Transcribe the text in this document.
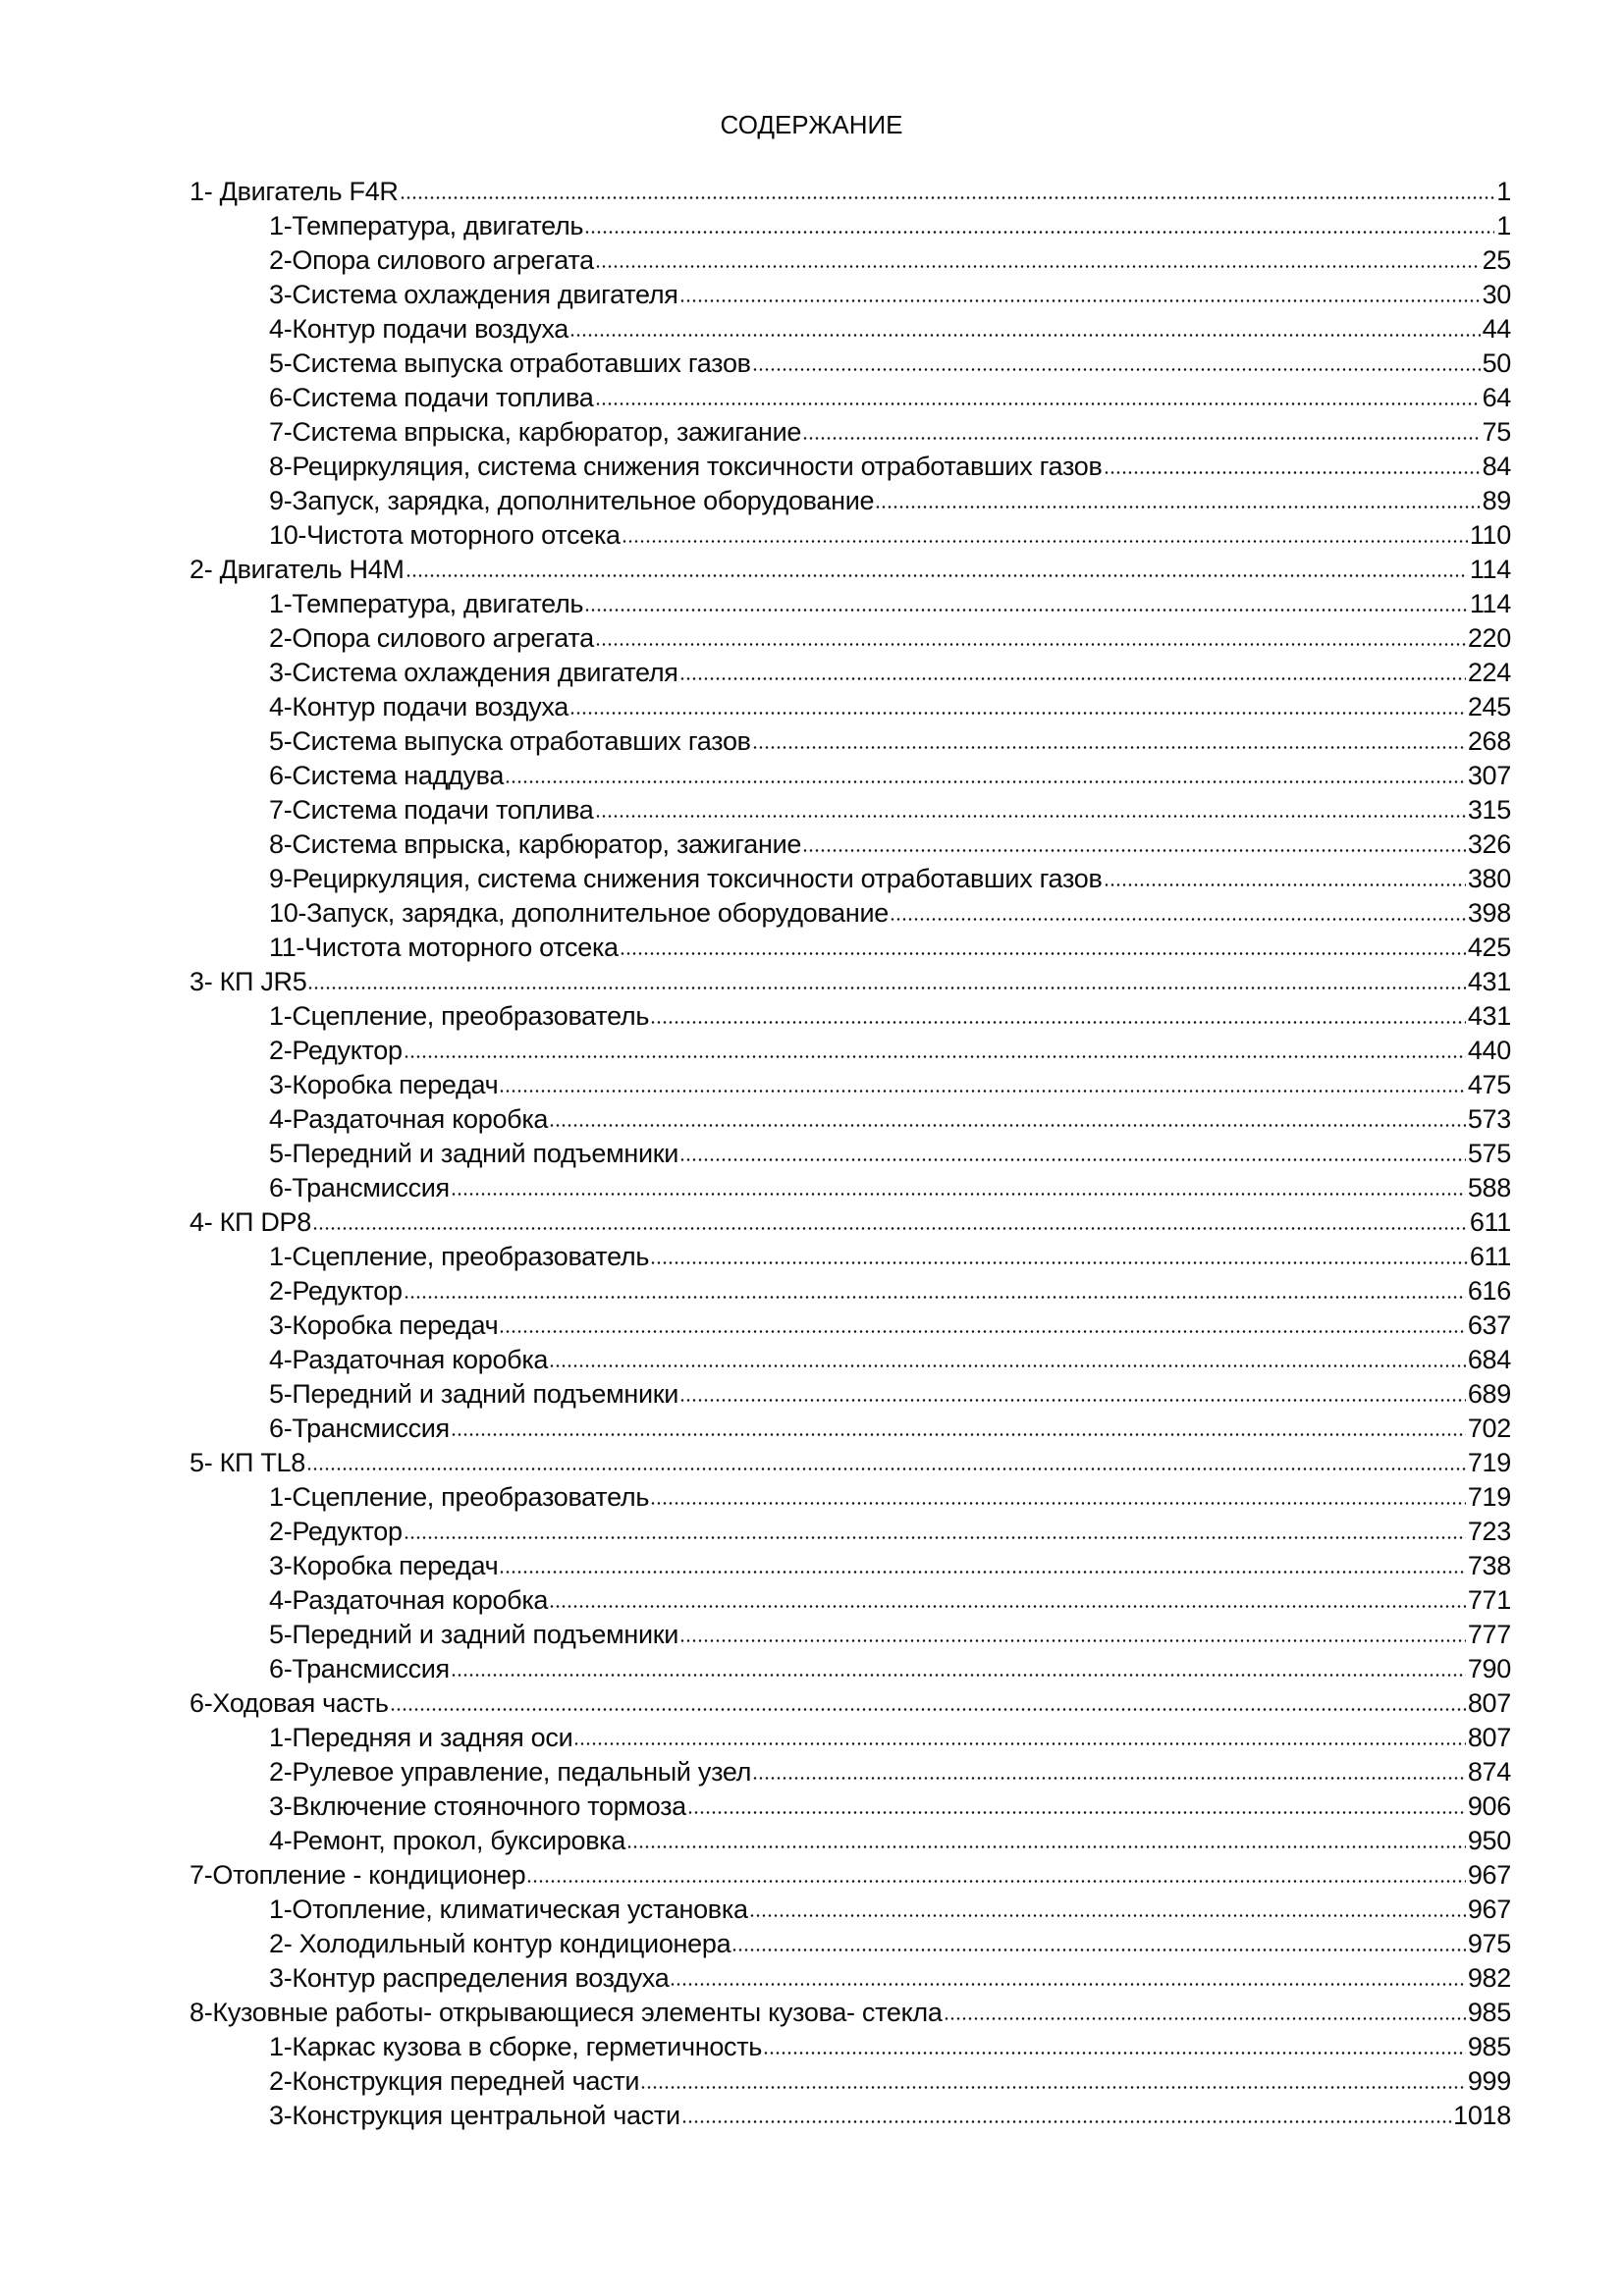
СОДЕРЖАНИЕ
1- Двигатель F4R	1
1-Температура, двигатель	1
2-Опора силового агрегата	25
3-Система охлаждения двигателя	30
4-Контур подачи воздуха	44
5-Система выпуска отработавших газов	50
6-Система подачи топлива	64
7-Система впрыска, карбюратор, зажигание	75
8-Рециркуляция, система снижения токсичности отработавших газов	84
9-Запуск, зарядка, дополнительное оборудование	89
10-Чистота моторного отсека	110
2- Двигатель H4M	114
1-Температура, двигатель	114
2-Опора силового агрегата	220
3-Система охлаждения двигателя	224
4-Контур подачи воздуха	245
5-Система выпуска отработавших газов	268
6-Система наддува	307
7-Система подачи топлива	315
8-Система впрыска, карбюратор, зажигание	326
9-Рециркуляция, система снижения токсичности отработавших газов	380
10-Запуск, зарядка, дополнительное оборудование	398
11-Чистота моторного отсека	425
3- КП JR5	431
1-Сцепление, преобразователь	431
2-Редуктор	440
3-Коробка передач	475
4-Раздаточная коробка	573
5-Передний и задний подъемники	575
6-Трансмиссия	588
4- КП DP8	611
1-Сцепление, преобразователь	611
2-Редуктор	616
3-Коробка передач	637
4-Раздаточная коробка	684
5-Передний и задний подъемники	689
6-Трансмиссия	702
5- КП TL8	719
1-Сцепление, преобразователь	719
2-Редуктор	723
3-Коробка передач	738
4-Раздаточная коробка	771
5-Передний и задний подъемники	777
6-Трансмиссия	790
6-Ходовая часть	807
1-Передняя и задняя оси	807
2-Рулевое управление, педальный узел	874
3-Включение стояночного тормоза	906
4-Ремонт, прокол, буксировка	950
7-Отопление - кондиционер	967
1-Отопление, климатическая установка	967
2- Холодильный контур кондиционера	975
3-Контур распределения воздуха	982
8-Кузовные работы- открывающиеся элементы кузова- стекла	985
1-Каркас кузова в сборке, герметичность	985
2-Конструкция передней части	999
3-Конструкция центральной части	1018
